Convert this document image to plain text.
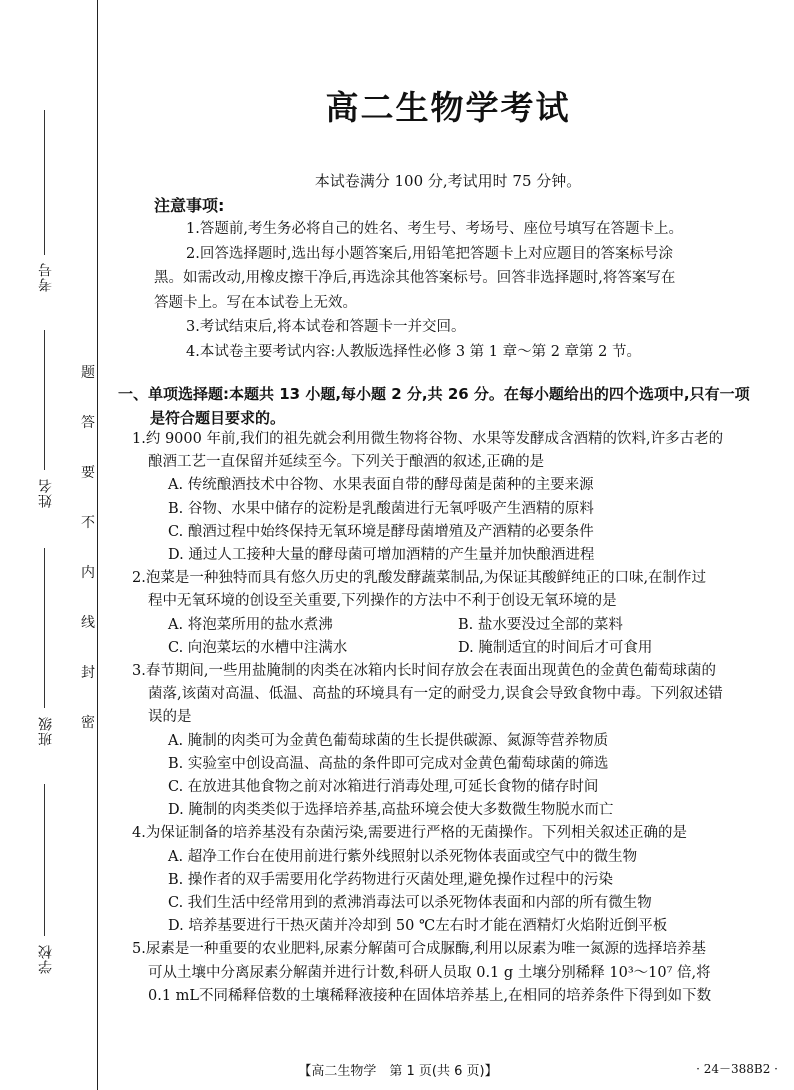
考号
姓名
班级
学校
题
答
要
不
内
线
封
密
高二生物学考试
本试卷满分 100 分,考试用时 75 分钟。
注意事项:

1.答题前,考生务必将自己的姓名、考生号、考场号、座位号填写在答题卡上。

2.回答选择题时,选出每小题答案后,用铅笔把答题卡上对应题目的答案标号涂

黑。如需改动,用橡皮擦干净后,再选涂其他答案标号。回答非选择题时,将答案写在

答题卡上。写在本试卷上无效。

3.考试结束后,将本试卷和答题卡一并交回。

4.本试卷主要考试内容:人教版选择性必修 3 第 1 章～第 2 章第 2 节。

一、单项选择题:本题共 13 小题,每小题 2 分,共 26 分。在每小题给出的四个选项中,只有一项
是符合题目要求的。
1.约 9000 年前,我们的祖先就会利用微生物将谷物、水果等发酵成含酒精的饮料,许多古老的
酿酒工艺一直保留并延续至今。下列关于酿酒的叙述,正确的是
A. 传统酿酒技术中谷物、水果表面自带的酵母菌是菌种的主要来源
B. 谷物、水果中储存的淀粉是乳酸菌进行无氧呼吸产生酒精的原料
C. 酿酒过程中始终保持无氧环境是酵母菌增殖及产酒精的必要条件
D. 通过人工接种大量的酵母菌可增加酒精的产生量并加快酿酒进程
2.泡菜是一种独特而具有悠久历史的乳酸发酵蔬菜制品,为保证其酸鲜纯正的口味,在制作过
程中无氧环境的创设至关重要,下列操作的方法中不利于创设无氧环境的是
A. 将泡菜所用的盐水煮沸	B. 盐水要没过全部的菜料
C. 向泡菜坛的水槽中注满水	D. 腌制适宜的时间后才可食用
3.春节期间,一些用盐腌制的肉类在冰箱内长时间存放会在表面出现黄色的金黄色葡萄球菌的
菌落,该菌对高温、低温、高盐的环境具有一定的耐受力,误食会导致食物中毒。下列叙述错
误的是
A. 腌制的肉类可为金黄色葡萄球菌的生长提供碳源、氮源等营养物质
B. 实验室中创设高温、高盐的条件即可完成对金黄色葡萄球菌的筛选
C. 在放进其他食物之前对冰箱进行消毒处理,可延长食物的储存时间
D. 腌制的肉类类似于选择培养基,高盐环境会使大多数微生物脱水而亡
4.为保证制备的培养基没有杂菌污染,需要进行严格的无菌操作。下列相关叙述正确的是
A. 超净工作台在使用前进行紫外线照射以杀死物体表面或空气中的微生物
B. 操作者的双手需要用化学药物进行灭菌处理,避免操作过程中的污染
C. 我们生活中经常用到的煮沸消毒法可以杀死物体表面和内部的所有微生物
D. 培养基要进行干热灭菌并冷却到 50 ℃左右时才能在酒精灯火焰附近倒平板
5.尿素是一种重要的农业肥料,尿素分解菌可合成脲酶,利用以尿素为唯一氮源的选择培养基
可从土壤中分离尿素分解菌并进行计数,科研人员取 0.1 g 土壤分别稀释 10³～10⁷ 倍,将
0.1 mL不同稀释倍数的土壤稀释液接种在固体培养基上,在相同的培养条件下得到如下数
【高二生物学　第 1 页(共 6 页)】	· 24－388B2 ·
